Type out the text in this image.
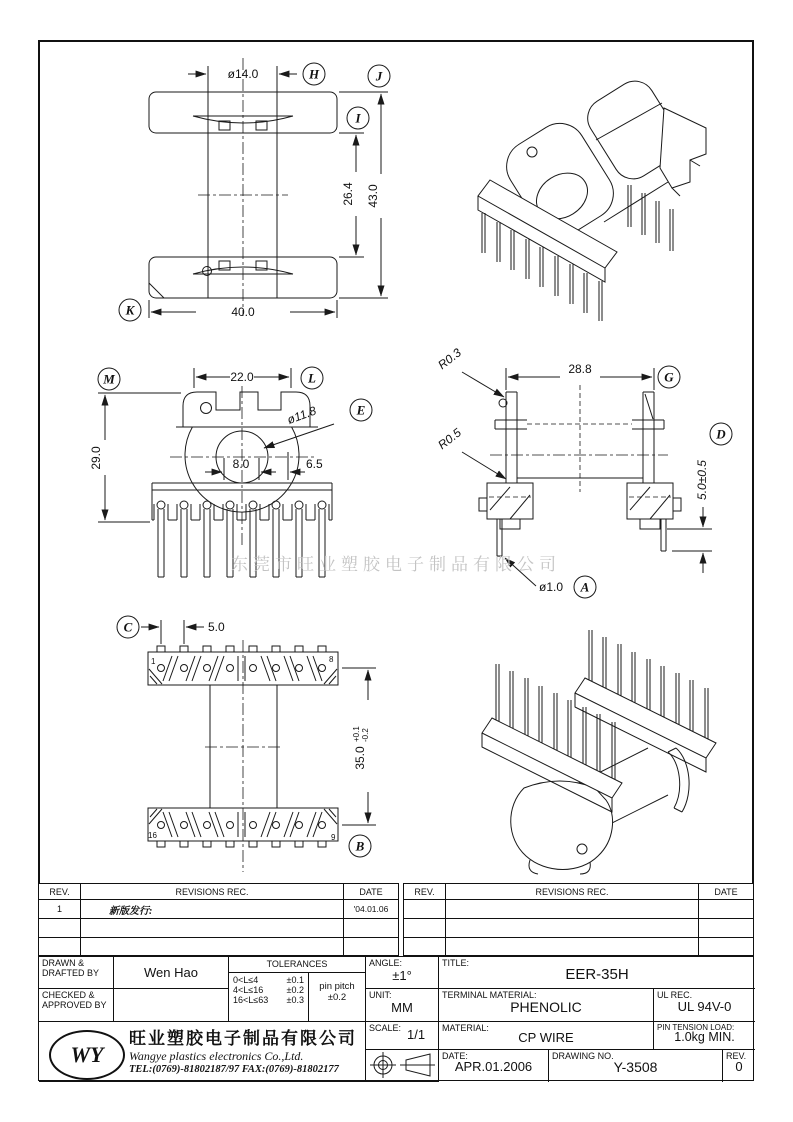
ø14.0
26.4 43.0
40.0
H	J
I
K
22.0
29.0
ø11.8
8.0	6.5
M	L
E
28.8
R0.3
R0.5
5.0±0.5
ø1.0
G
D
A
东莞市旺业塑胶电子制品有限公司
1	8
16	9
5.0
35.0
+0.1 -0.2
C
B
REV.	REVISIONS REC.	DATE
1	新版发行:	'04.01.06
REV.	REVISIONS REC.	DATE
DRAWN &
DRAFTED BY	Wen Hao
CHECKED &
APPROVED BY
TOLERANCES
0<L≤4	±0.1
4<L≤16	±0.2
16<L≤63 ±0.3
pin pitch
±0.2
WY
旺业塑胶电子制品有限公司
Wangye plastics electronics Co.,Ltd.
TEL:(0769)-81802187/97 FAX:(0769)-81802177
ANGLE:
±1°
UNIT:
MM
SCALE: 1/1
TITLE:
EER-35H
TERMINAL MATERIAL:
PHENOLIC
UL REC.
UL 94V-0
MATERIAL:
CP WIRE
PIN TENSION LOAD:
1.0kg MIN.
DATE:
APR.01.2006
DRAWING NO.
Y-3508
REV.
0
